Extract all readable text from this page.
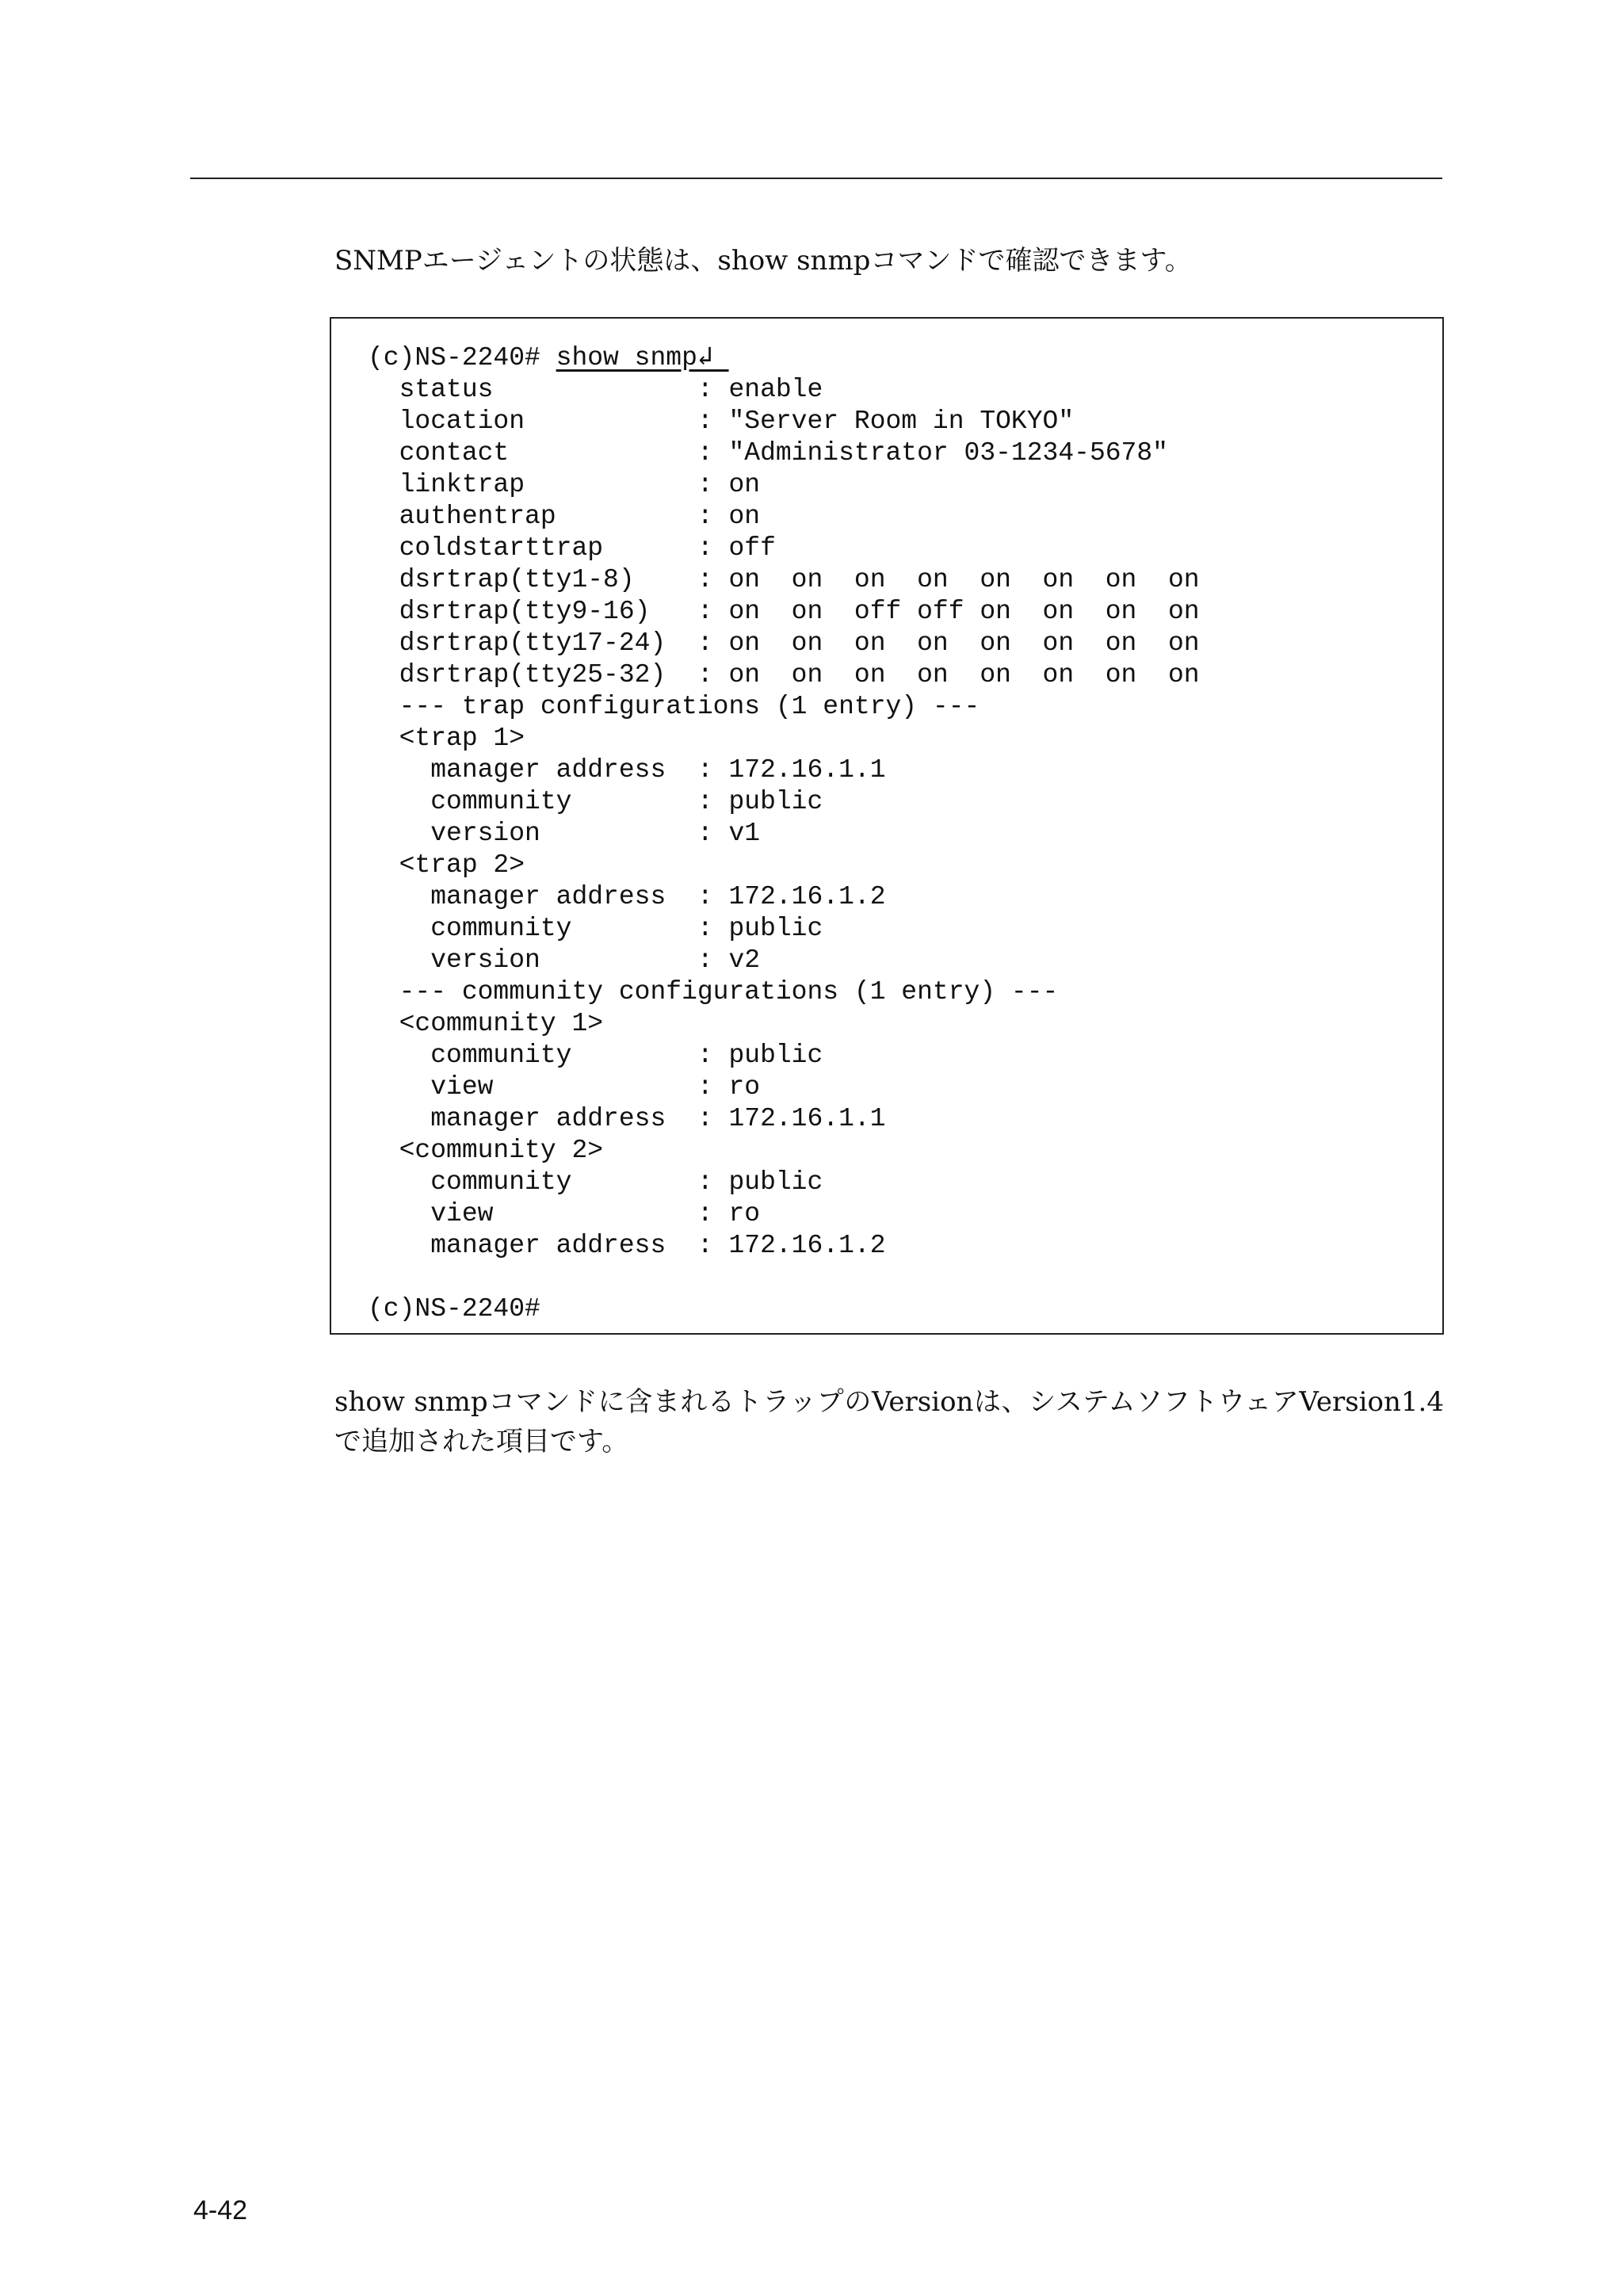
SNMPエージェントの状態は、show snmpコマンドで確認できます。
(c)NS-2240# show snmp↲

status             : enable
location           : "Server Room in TOKYO"
contact            : "Administrator 03-1234-5678"
linktrap           : on
authentrap         : on
coldstarttrap      : off
dsrtrap(tty1-8)    : on  on  on  on  on  on  on  on
dsrtrap(tty9-16)   : on  on  off off on  on  on  on
dsrtrap(tty17-24)  : on  on  on  on  on  on  on  on
dsrtrap(tty25-32)  : on  on  on  on  on  on  on  on
--- trap configurations (1 entry) ---
<trap 1>
manager address  : 172.16.1.1
community        : public
version          : v1
<trap 2>
manager address  : 172.16.1.2
community        : public
version          : v2
--- community configurations (1 entry) ---
<community 1>
community        : public
view             : ro
manager address  : 172.16.1.1
<community 2>
community        : public
view             : ro
manager address  : 172.16.1.2
(c)NS-2240#
show snmpコマンドに含まれるトラップのVersionは、システムソフトウェアVersion1.4
で追加された項目です。
4-42
